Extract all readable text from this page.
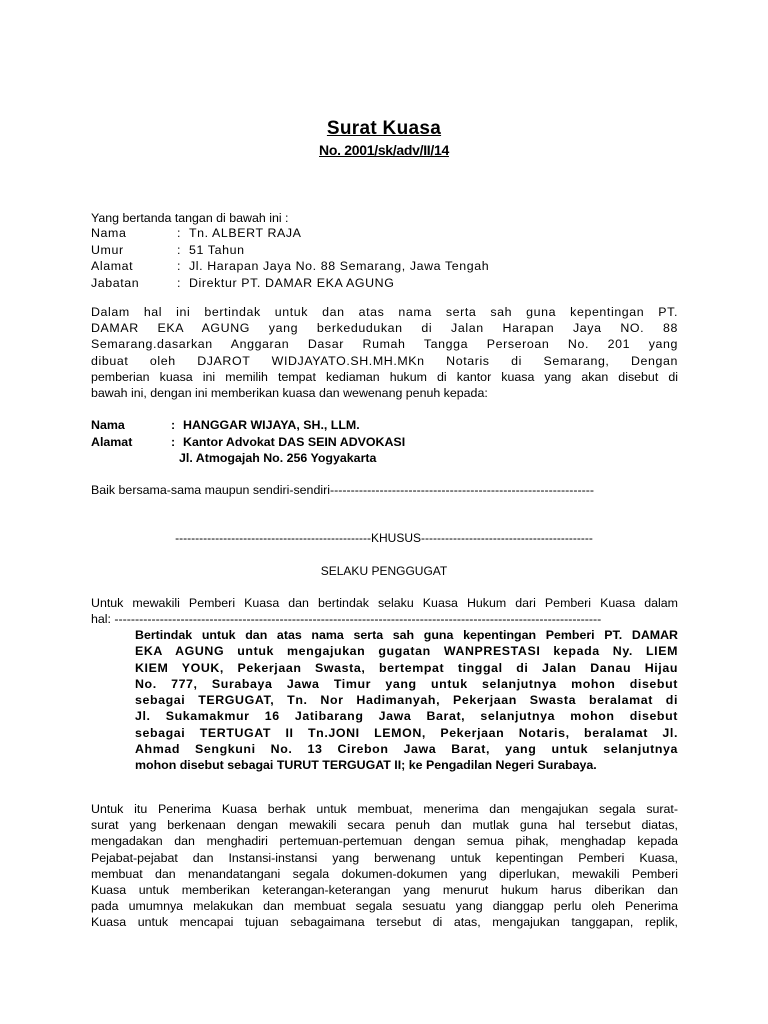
Surat Kuasa
No. 2001/sk/adv/II/14
Yang bertanda tangan di bawah ini :
Nama	: Tn. ALBERT RAJA
Umur	: 51 Tahun
Alamat	: Jl. Harapan Jaya No. 88 Semarang, Jawa Tengah
Jabatan	: Direktur PT. DAMAR EKA AGUNG
Dalam hal ini bertindak untuk dan atas nama serta sah guna kepentingan PT.
DAMAR EKA AGUNG yang berkedudukan di Jalan Harapan Jaya NO. 88
Semarang.dasarkan Anggaran Dasar Rumah Tangga Perseroan No. 201 yang
dibuat oleh DJAROT WIDJAYATO.SH.MH.MKn Notaris di Semarang, Dengan
pemberian kuasa ini memilih tempat kediaman hukum di kantor kuasa yang akan disebut di
bawah ini, dengan ini memberikan kuasa dan wewenang penuh kepada:
Nama	: HANGGAR WIJAYA, SH., LLM.
Alamat	: Kantor Advokat DAS SEIN ADVOKASI
Jl. Atmogajah No. 256 Yogyakarta
Baik bersama-sama maupun sendiri-sendiri----------------------------------------------------------------
-------------------------------------------------KHUSUS-------------------------------------------
SELAKU PENGGUGAT
Untuk mewakili Pemberi Kuasa dan bertindak selaku Kuasa Hukum dari Pemberi Kuasa dalam
hal: ----------------------------------------------------------------------------------------------------------------------
Bertindak untuk dan atas nama serta sah guna kepentingan Pemberi PT. DAMAR
EKA AGUNG untuk mengajukan gugatan WANPRESTASI kepada Ny. LIEM
KIEM YOUK, Pekerjaan Swasta, bertempat tinggal di Jalan Danau Hijau
No. 777, Surabaya Jawa Timur yang untuk selanjutnya mohon disebut
sebagai TERGUGAT, Tn. Nor Hadimanyah, Pekerjaan Swasta beralamat di
Jl. Sukamakmur 16 Jatibarang Jawa Barat, selanjutnya mohon disebut
sebagai TERTUGAT II Tn.JONI LEMON, Pekerjaan Notaris, beralamat Jl.
Ahmad Sengkuni No. 13 Cirebon Jawa Barat, yang untuk selanjutnya
mohon disebut sebagai TURUT TERGUGAT II; ke Pengadilan Negeri Surabaya.
Untuk itu Penerima Kuasa berhak untuk membuat, menerima dan mengajukan segala surat-
surat yang berkenaan dengan mewakili secara penuh dan mutlak guna hal tersebut diatas,
mengadakan dan menghadiri pertemuan-pertemuan dengan semua pihak, menghadap kepada
Pejabat-pejabat dan Instansi-instansi yang berwenang untuk kepentingan Pemberi Kuasa,
membuat dan menandatangani segala dokumen-dokumen yang diperlukan, mewakili Pemberi
Kuasa untuk memberikan keterangan-keterangan yang menurut hukum harus diberikan dan
pada umumnya melakukan dan membuat segala sesuatu yang dianggap perlu oleh Penerima
Kuasa untuk mencapai tujuan sebagaimana tersebut di atas, mengajukan tanggapan, replik,
